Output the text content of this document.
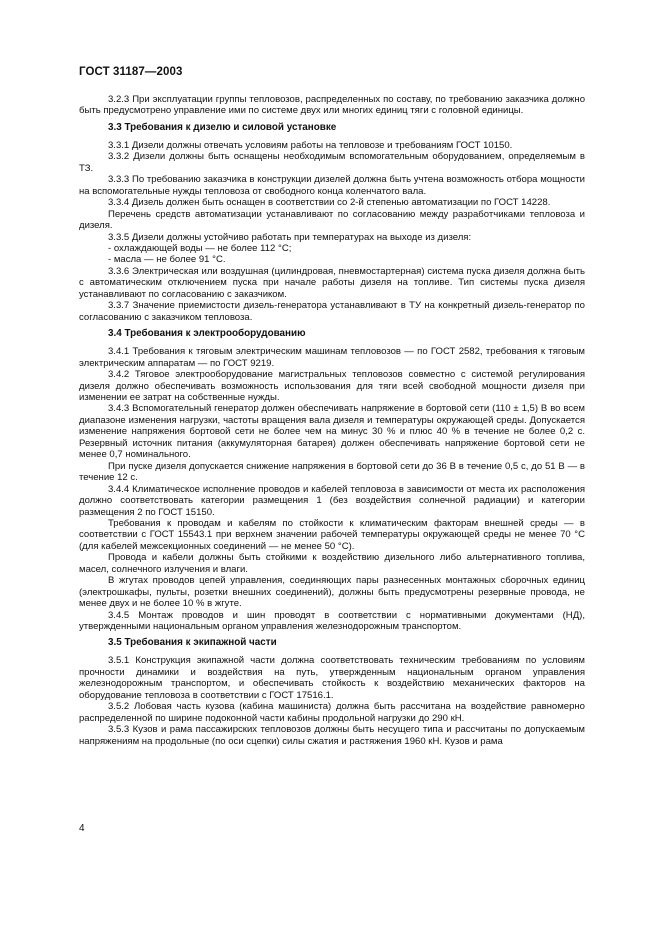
ГОСТ 31187—2003
3.2.3 При эксплуатации группы тепловозов, распределенных по составу, по требованию заказчика должно быть предусмотрено управление ими по системе двух или многих единиц тяги с головной единицы.
3.3 Требования к дизелю и силовой установке
3.3.1 Дизели должны отвечать условиям работы на тепловозе и требованиям ГОСТ 10150.
3.3.2 Дизели должны быть оснащены необходимым вспомогательным оборудованием, определяемым в ТЗ.
3.3.3 По требованию заказчика в конструкции дизелей должна быть учтена возможность отбора мощности на вспомогательные нужды тепловоза от свободного конца коленчатого вала.
3.3.4 Дизель должен быть оснащен в соответствии со 2-й степенью автоматизации по ГОСТ 14228.
Перечень средств автоматизации устанавливают по согласованию между разработчиками тепловоза и дизеля.
3.3.5 Дизели должны устойчиво работать при температурах на выходе из дизеля:
- охлаждающей воды — не более 112 °С;
- масла — не более 91 °С.
3.3.6 Электрическая или воздушная (цилиндровая, пневмостартерная) система пуска дизеля должна быть с автоматическим отключением пуска при начале работы дизеля на топливе. Тип системы пуска дизеля устанавливают по согласованию с заказчиком.
3.3.7 Значение приемистости дизель-генератора устанавливают в ТУ на конкретный дизель-генератор по согласованию с заказчиком тепловоза.
3.4 Требования к электрооборудованию
3.4.1 Требования к тяговым электрическим машинам тепловозов — по ГОСТ 2582, требования к тяговым электрическим аппаратам — по ГОСТ 9219.
3.4.2 Тяговое электрооборудование магистральных тепловозов совместно с системой регулирования дизеля должно обеспечивать возможность использования для тяги всей свободной мощности дизеля при изменении ее затрат на собственные нужды.
3.4.3 Вспомогательный генератор должен обеспечивать напряжение в бортовой сети (110 ± 1,5) В во всем диапазоне изменения нагрузки, частоты вращения вала дизеля и температуры окружающей среды. Допускается изменение напряжения бортовой сети не более чем на минус 30 % и плюс 40 % в течение не более 0,2 с. Резервный источник питания (аккумуляторная батарея) должен обеспечивать напряжение бортовой сети не менее 0,7 номинального.
При пуске дизеля допускается снижение напряжения в бортовой сети до 36 В в течение 0,5 с, до 51 В — в течение 12 с.
3.4.4 Климатическое исполнение проводов и кабелей тепловоза в зависимости от места их расположения должно соответствовать категории размещения 1 (без воздействия солнечной радиации) и категории размещения 2 по ГОСТ 15150.
Требования к проводам и кабелям по стойкости к климатическим факторам внешней среды — в соответствии с ГОСТ 15543.1 при верхнем значении рабочей температуры окружающей среды не менее 70 °С (для кабелей межсекционных соединений — не менее 50 °С).
Провода и кабели должны быть стойкими к воздействию дизельного либо альтернативного топлива, масел, солнечного излучения и влаги.
В жгутах проводов цепей управления, соединяющих пары разнесенных монтажных сборочных единиц (электрошкафы, пульты, розетки внешних соединений), должны быть предусмотрены резервные провода, не менее двух и не более 10 % в жгуте.
3.4.5 Монтаж проводов и шин проводят в соответствии с нормативными документами (НД), утвержденными национальным органом управления железнодорожным транспортом.
3.5 Требования к экипажной части
3.5.1 Конструкция экипажной части должна соответствовать техническим требованиям по условиям прочности динамики и воздействия на путь, утвержденным национальным органом управления железнодорожным транспортом, и обеспечивать стойкость к воздействию механических факторов на оборудование тепловоза в соответствии с ГОСТ 17516.1.
3.5.2 Лобовая часть кузова (кабина машиниста) должна быть рассчитана на воздействие равномерно распределенной по ширине подоконной части кабины продольной нагрузки до 290 кН.
3.5.3 Кузов и рама пассажирских тепловозов должны быть несущего типа и рассчитаны по допускаемым напряжениям на продольные (по оси сцепки) силы сжатия и растяжения 1960 кН. Кузов и рама
4
